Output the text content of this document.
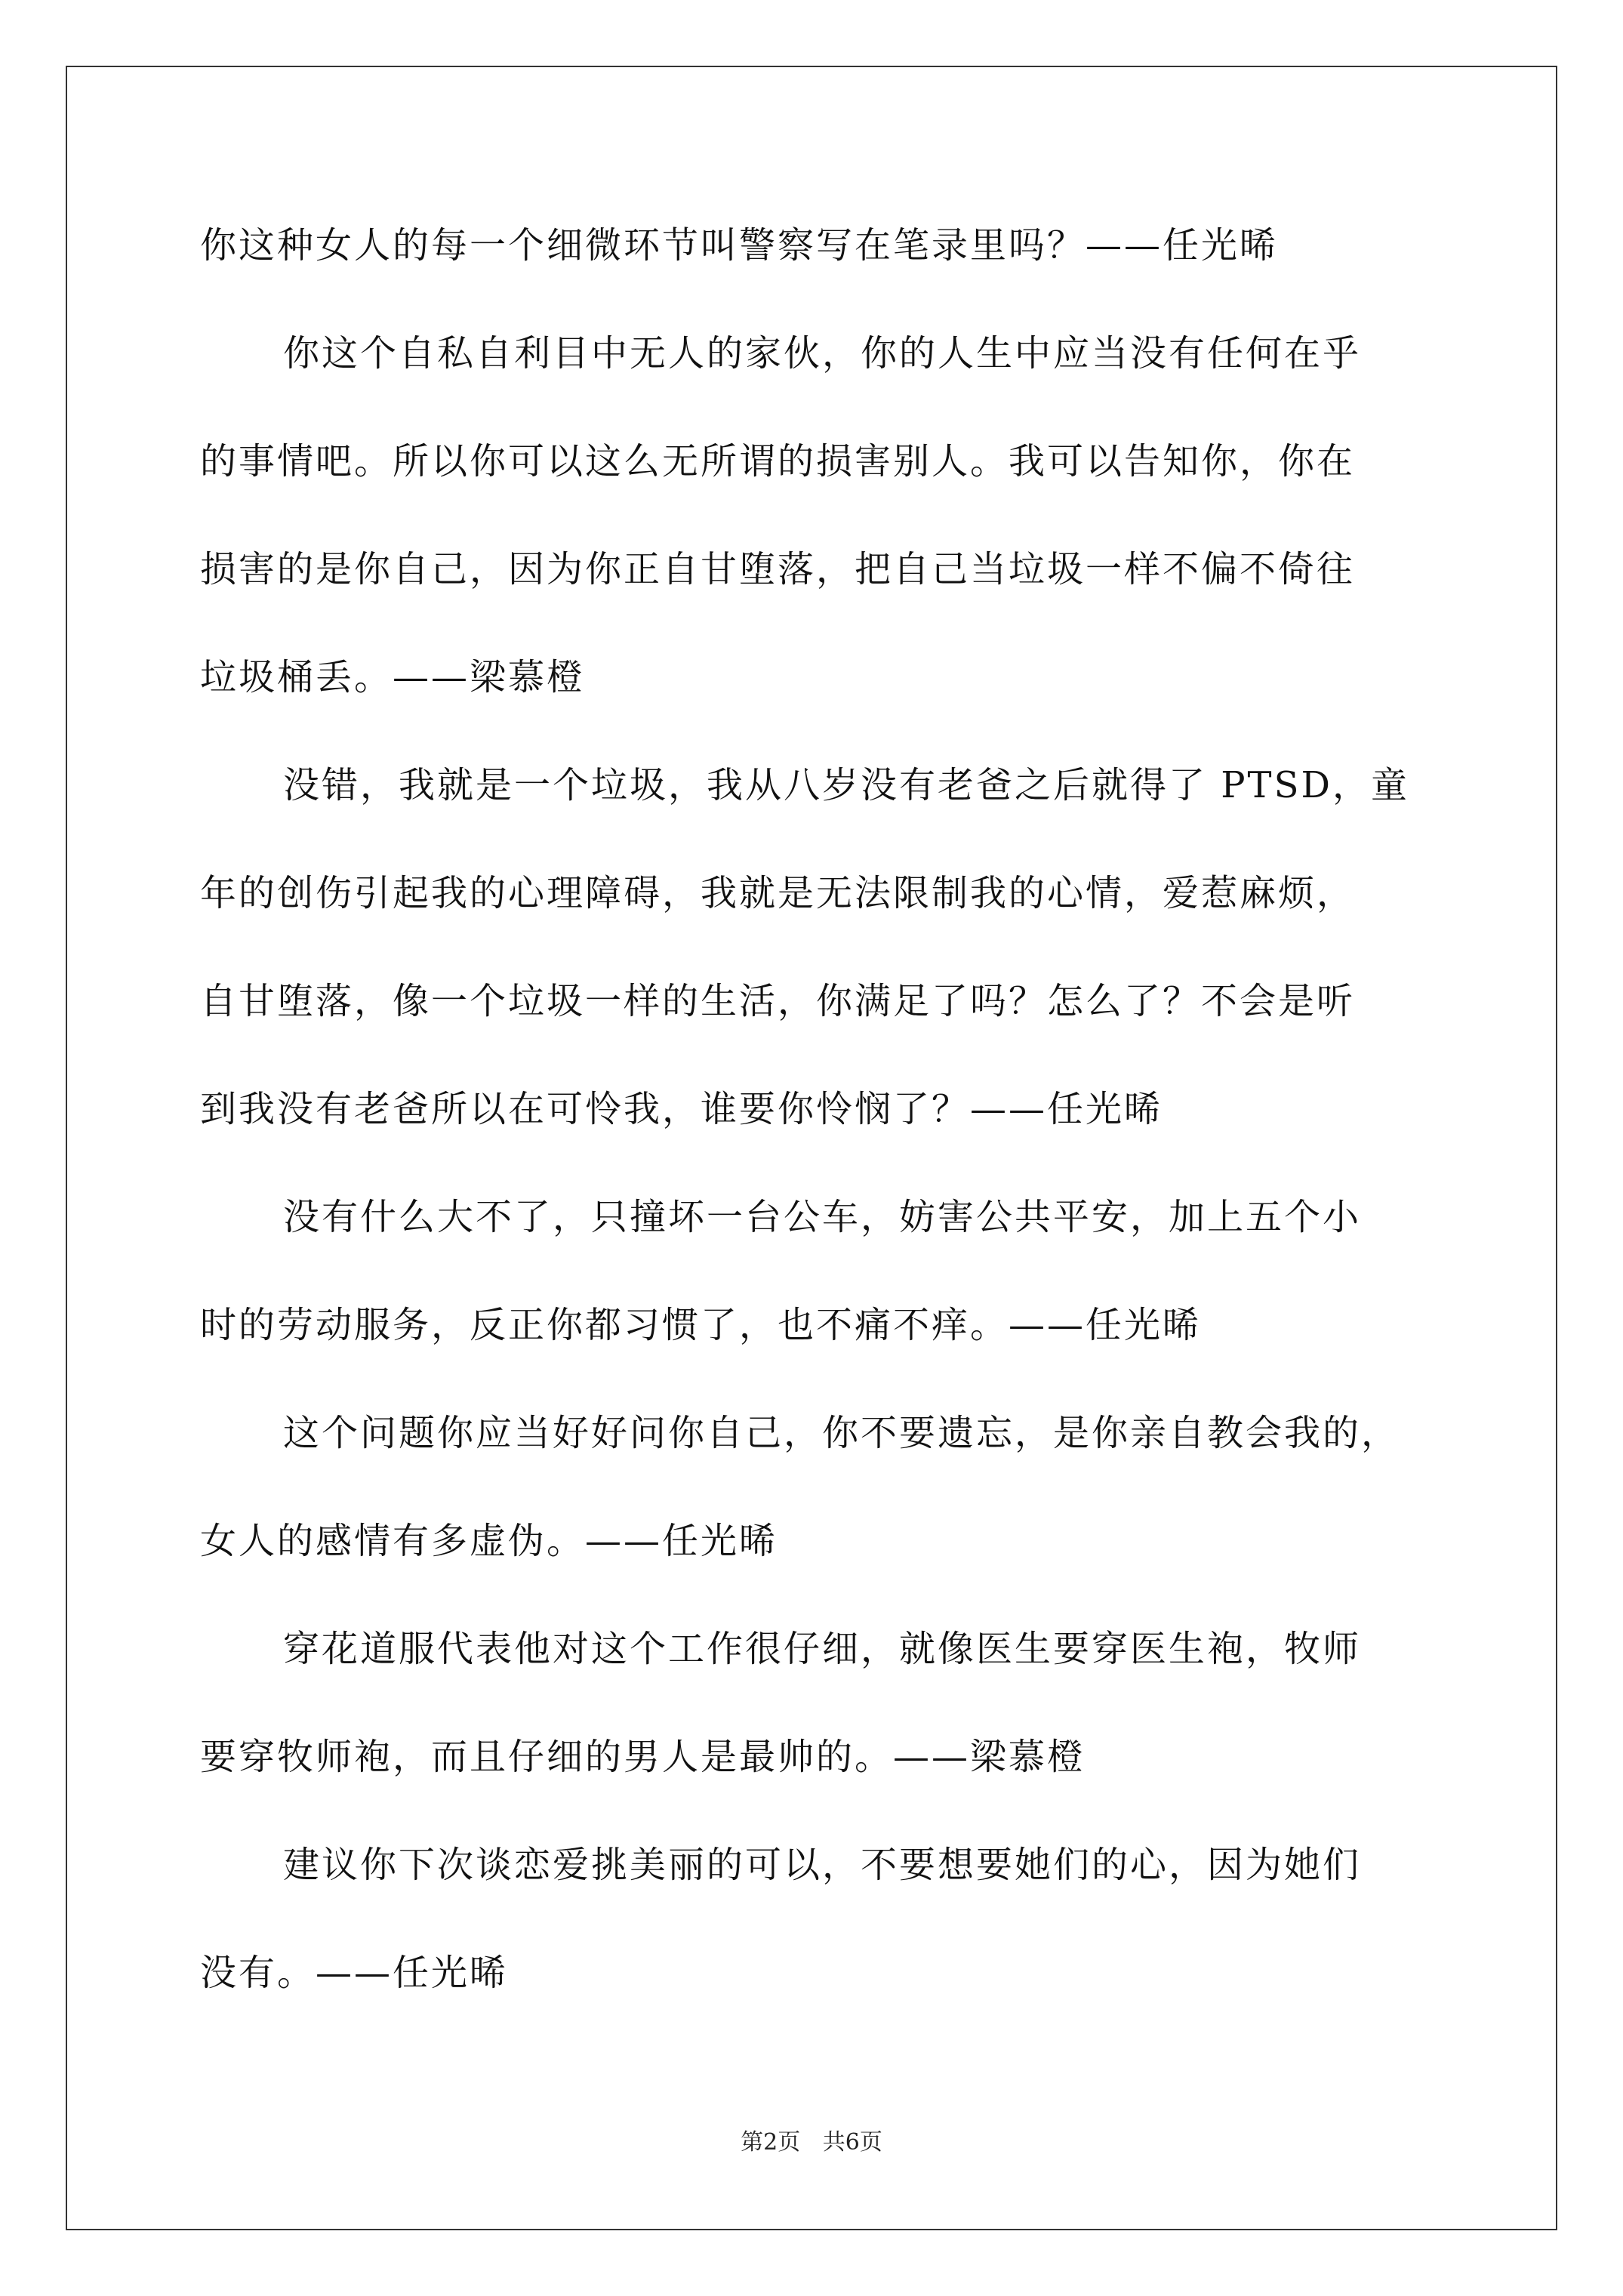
你这种女人的每一个细微环节叫警察写在笔录里吗？——任光晞
你这个自私自利目中无人的家伙，你的人生中应当没有任何在乎
的事情吧。所以你可以这么无所谓的损害别人。我可以告知你，你在
损害的是你自己，因为你正自甘堕落，把自己当垃圾一样不偏不倚往
垃圾桶丢。——梁慕橙
没错，我就是一个垃圾，我从八岁没有老爸之后就得了 PTSD，童
年的创伤引起我的心理障碍，我就是无法限制我的心情，爱惹麻烦，
自甘堕落，像一个垃圾一样的生活，你满足了吗？怎么了？不会是听
到我没有老爸所以在可怜我，谁要你怜悯了？——任光晞
没有什么大不了，只撞坏一台公车，妨害公共平安，加上五个小
时的劳动服务，反正你都习惯了，也不痛不痒。——任光晞
这个问题你应当好好问你自己，你不要遗忘，是你亲自教会我的，
女人的感情有多虚伪。——任光晞
穿花道服代表他对这个工作很仔细，就像医生要穿医生袍，牧师
要穿牧师袍，而且仔细的男人是最帅的。——梁慕橙
建议你下次谈恋爱挑美丽的可以，不要想要她们的心，因为她们
没有。——任光晞
第2页 共6页
